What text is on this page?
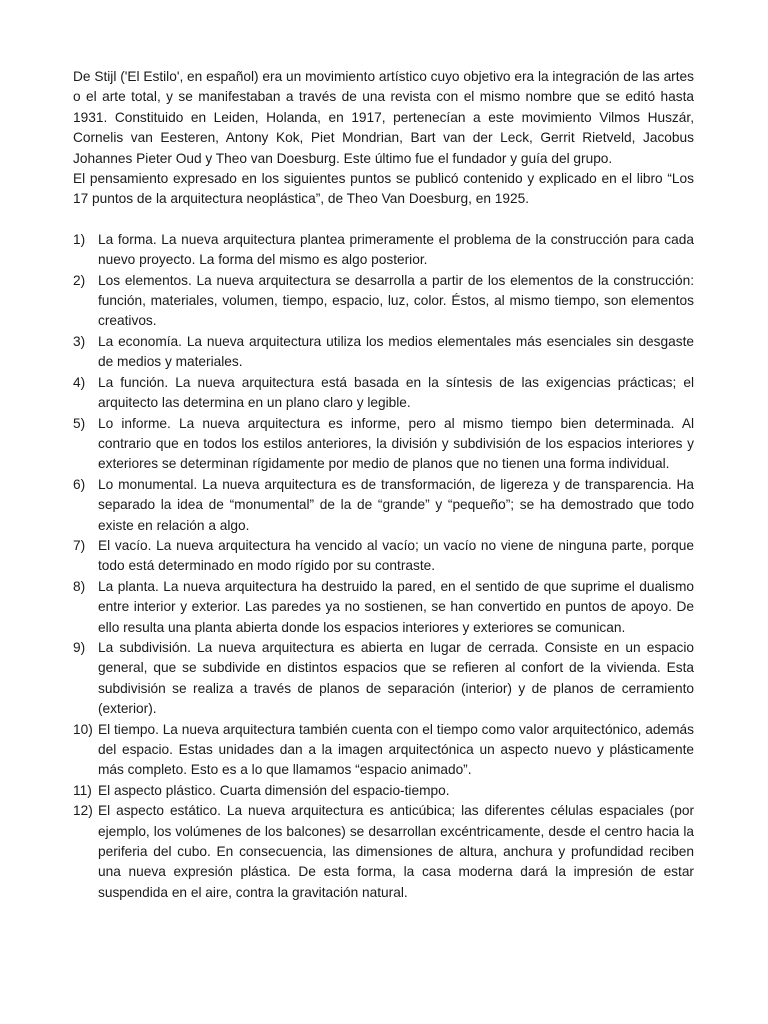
De Stijl ('El Estilo', en español) era un movimiento artístico cuyo objetivo era la integración de las artes o el arte total, y se manifestaban a través de una revista con el mismo nombre que se editó hasta 1931. Constituido en Leiden, Holanda, en 1917, pertenecían a este movimiento Vilmos Huszár, Cornelis van Eesteren, Antony Kok, Piet Mondrian, Bart van der Leck, Gerrit Rietveld, Jacobus Johannes Pieter Oud y Theo van Doesburg. Este último fue el fundador y guía del grupo.

El pensamiento expresado en los siguientes puntos se publicó contenido y explicado en el libro “Los 17 puntos de la arquitectura neoplástica”, de Theo Van Doesburg, en 1925.

1) La forma. La nueva arquitectura plantea primeramente el problema de la construcción para cada nuevo proyecto. La forma del mismo es algo posterior.
2) Los elementos. La nueva arquitectura se desarrolla a partir de los elementos de la construcción: función, materiales, volumen, tiempo, espacio, luz, color. Éstos, al mismo tiempo, son elementos creativos.
3) La economía. La nueva arquitectura utiliza los medios elementales más esenciales sin desgaste de medios y materiales.
4) La función. La nueva arquitectura está basada en la síntesis de las exigencias prácticas; el arquitecto las determina en un plano claro y legible.
5) Lo informe. La nueva arquitectura es informe, pero al mismo tiempo bien determinada. Al contrario que en todos los estilos anteriores, la división y subdivisión de los espacios interiores y exteriores se determinan rígidamente por medio de planos que no tienen una forma individual.
6) Lo monumental. La nueva arquitectura es de transformación, de ligereza y de transparencia. Ha separado la idea de “monumental” de la de “grande” y “pequeño”; se ha demostrado que todo existe en relación a algo.
7) El vacío. La nueva arquitectura ha vencido al vacío; un vacío no viene de ninguna parte, porque todo está determinado en modo rígido por su contraste.
8) La planta. La nueva arquitectura ha destruido la pared, en el sentido de que suprime el dualismo entre interior y exterior. Las paredes ya no sostienen, se han convertido en puntos de apoyo. De ello resulta una planta abierta donde los espacios interiores y exteriores se comunican.
9) La subdivisión. La nueva arquitectura es abierta en lugar de cerrada. Consiste en un espacio general, que se subdivide en distintos espacios que se refieren al confort de la vivienda. Esta subdivisión se realiza a través de planos de separación (interior) y de planos de cerramiento (exterior).
10) El tiempo. La nueva arquitectura también cuenta con el tiempo como valor arquitectónico, además del espacio. Estas unidades dan a la imagen arquitectónica un aspecto nuevo y plásticamente más completo. Esto es a lo que llamamos “espacio animado”.
11) El aspecto plástico. Cuarta dimensión del espacio-tiempo.
12) El aspecto estático. La nueva arquitectura es anticúbica; las diferentes células espaciales (por ejemplo, los volúmenes de los balcones) se desarrollan excéntricamente, desde el centro hacia la periferia del cubo. En consecuencia, las dimensiones de altura, anchura y profundidad reciben una nueva expresión plástica. De esta forma, la casa moderna dará la impresión de estar suspendida en el aire, contra la gravitación natural.
